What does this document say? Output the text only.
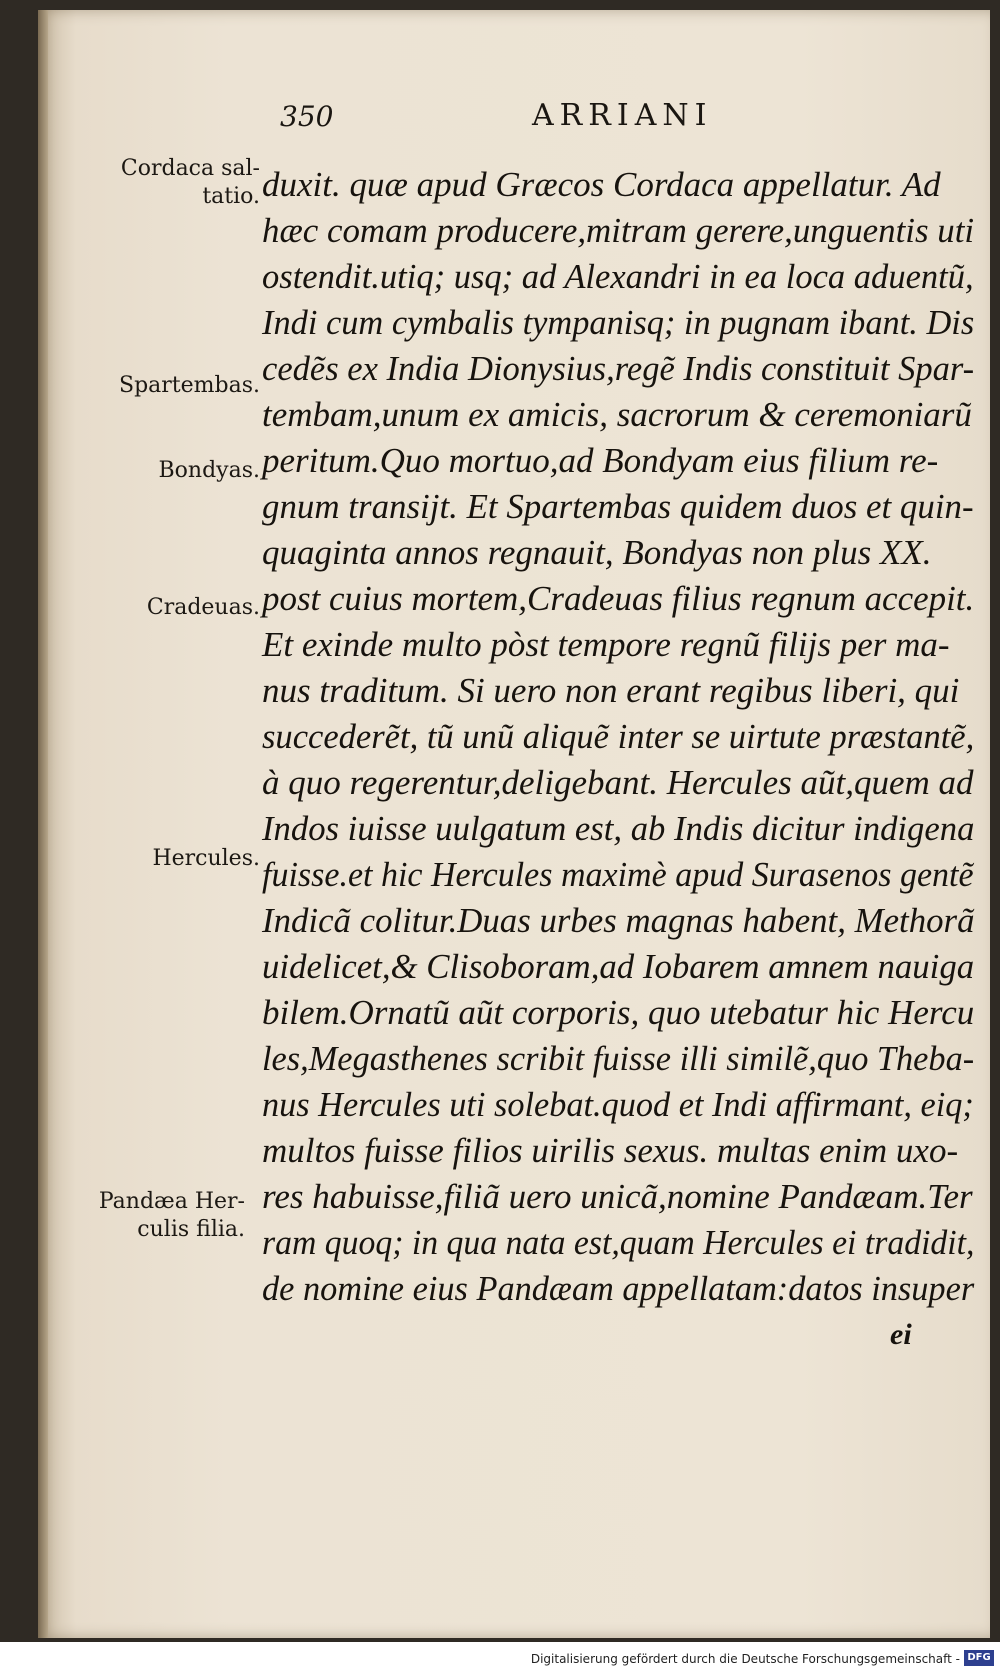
350	ARRIANI
Cordaca sal-
tatio.
Spartembas.
Bondyas.
Cradeuas.
Hercules.
Pandæa Her-
culis filia.
duxit. quæ apud Græcos Cordaca appellatur. Ad
hæc comam producere,mitram gerere,unguentis uti
ostendit.utiq; usq; ad Alexandri in ea loca aduentũ,
Indi cum cymbalis tympanisq; in pugnam ibant. Dis
cedẽs ex India Dionysius,regẽ Indis constituit Spar-
tembam,unum ex amicis, sacrorum & ceremoniarũ
peritum.Quo mortuo,ad Bondyam eius filium re-
gnum transijt. Et Spartembas quidem duos et quin-
quaginta annos regnauit, Bondyas non plus XX.
post cuius mortem,Cradeuas filius regnum accepit.
Et exinde multo pòst tempore regnũ filijs per ma-
nus traditum. Si uero non erant regibus liberi, qui
succederẽt, tũ unũ aliquẽ inter se uirtute præstantẽ,
à quo regerentur,deligebant. Hercules aũt,quem ad
Indos iuisse uulgatum est, ab Indis dicitur indigena
fuisse.et hic Hercules maximè apud Surasenos gentẽ
Indicã colitur.Duas urbes magnas habent, Methorã
uidelicet,& Clisoboram,ad Iobarem amnem nauiga
bilem.Ornatũ aũt corporis, quo utebatur hic Hercu
les,Megasthenes scribit fuisse illi similẽ,quo Theba-
nus Hercules uti solebat.quod et Indi affirmant, eiq;
multos fuisse filios uirilis sexus. multas enim uxo-
res habuisse,filiã uero unicã,nomine Pandæam.Ter
ram quoq; in qua nata est,quam Hercules ei tradidit,
de nomine eius Pandæam appellatam:datos insuper
ei
Digitalisierung gefördert durch die Deutsche Forschungsgemeinschaft - DFG
